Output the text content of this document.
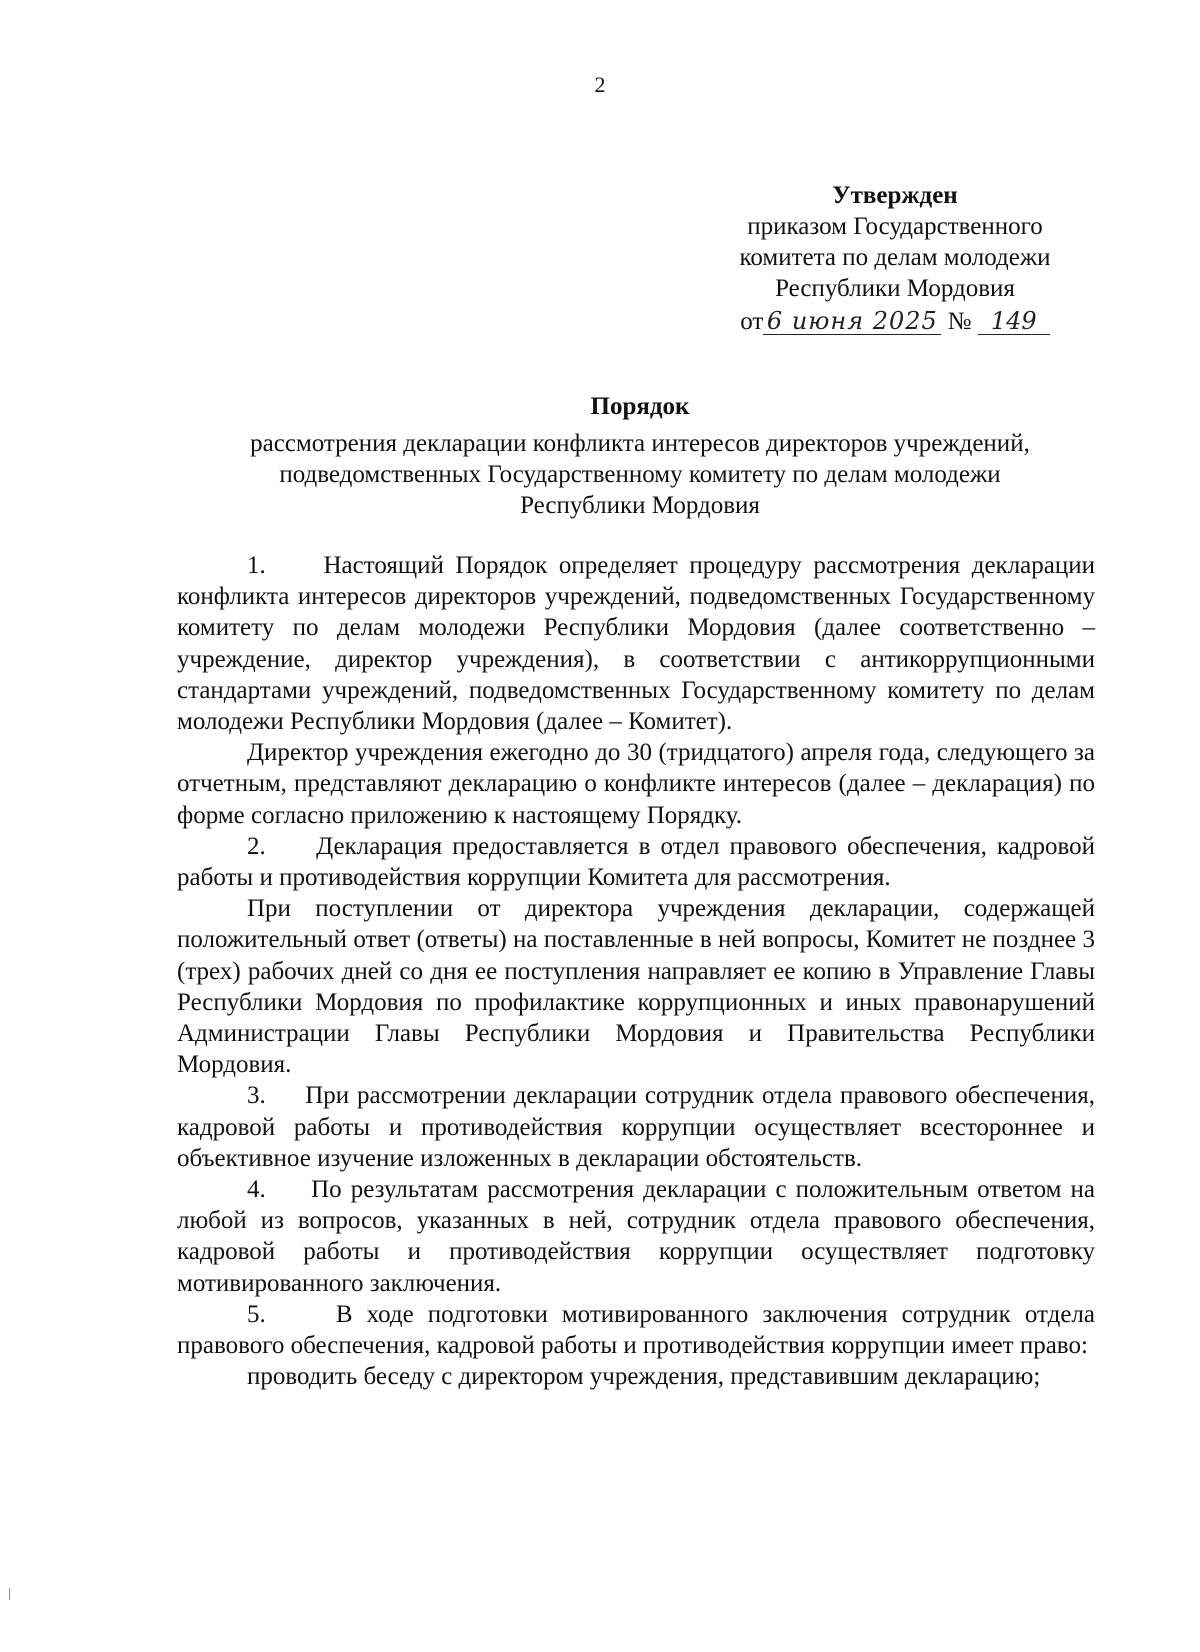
2
Утвержден
приказом Государственного
комитета по делам молодежи
Республики Мордовия
от 6 июня 2025 № 149
Порядок
рассмотрения декларации конфликта интересов директоров учреждений,
подведомственных Государственному комитету по делам молодежи
Республики Мордовия

1.     Настоящий Порядок определяет процедуру рассмотрения декларации конфликта интересов директоров учреждений, подведомственных Государственному комитету по делам молодежи Республики Мордовия (далее соответственно – учреждение, директор учреждения), в соответствии с антикоррупционными стандартами учреждений, подведомственных Государственному комитету по делам молодежи Республики Мордовия (далее – Комитет).

Директор учреждения ежегодно до 30 (тридцатого) апреля года, следующего за отчетным, представляют декларацию о конфликте интересов (далее – декларация) по форме согласно приложению к настоящему Порядку.

2.     Декларация предоставляется в отдел правового обеспечения, кадровой работы и противодействия коррупции Комитета для рассмотрения.

При поступлении от директора учреждения декларации, содержащей положительный ответ (ответы) на поставленные в ней вопросы, Комитет не позднее 3 (трех) рабочих дней со дня ее поступления направляет ее копию в Управление Главы Республики Мордовия по профилактике коррупционных и иных правонарушений Администрации Главы Республики Мордовия и Правительства Республики Мордовия.

3.     При рассмотрении декларации сотрудник отдела правового обеспечения, кадровой работы и противодействия коррупции осуществляет всестороннее и объективное изучение изложенных в декларации обстоятельств.

4.     По результатам рассмотрения декларации с положительным ответом на любой из вопросов, указанных в ней, сотрудник отдела правового обеспечения, кадровой работы и противодействия коррупции осуществляет подготовку мотивированного заключения.

5.     В ходе подготовки мотивированного заключения сотрудник отдела правового обеспечения, кадровой работы и противодействия коррупции имеет право:

проводить беседу с директором учреждения, представившим декларацию;
